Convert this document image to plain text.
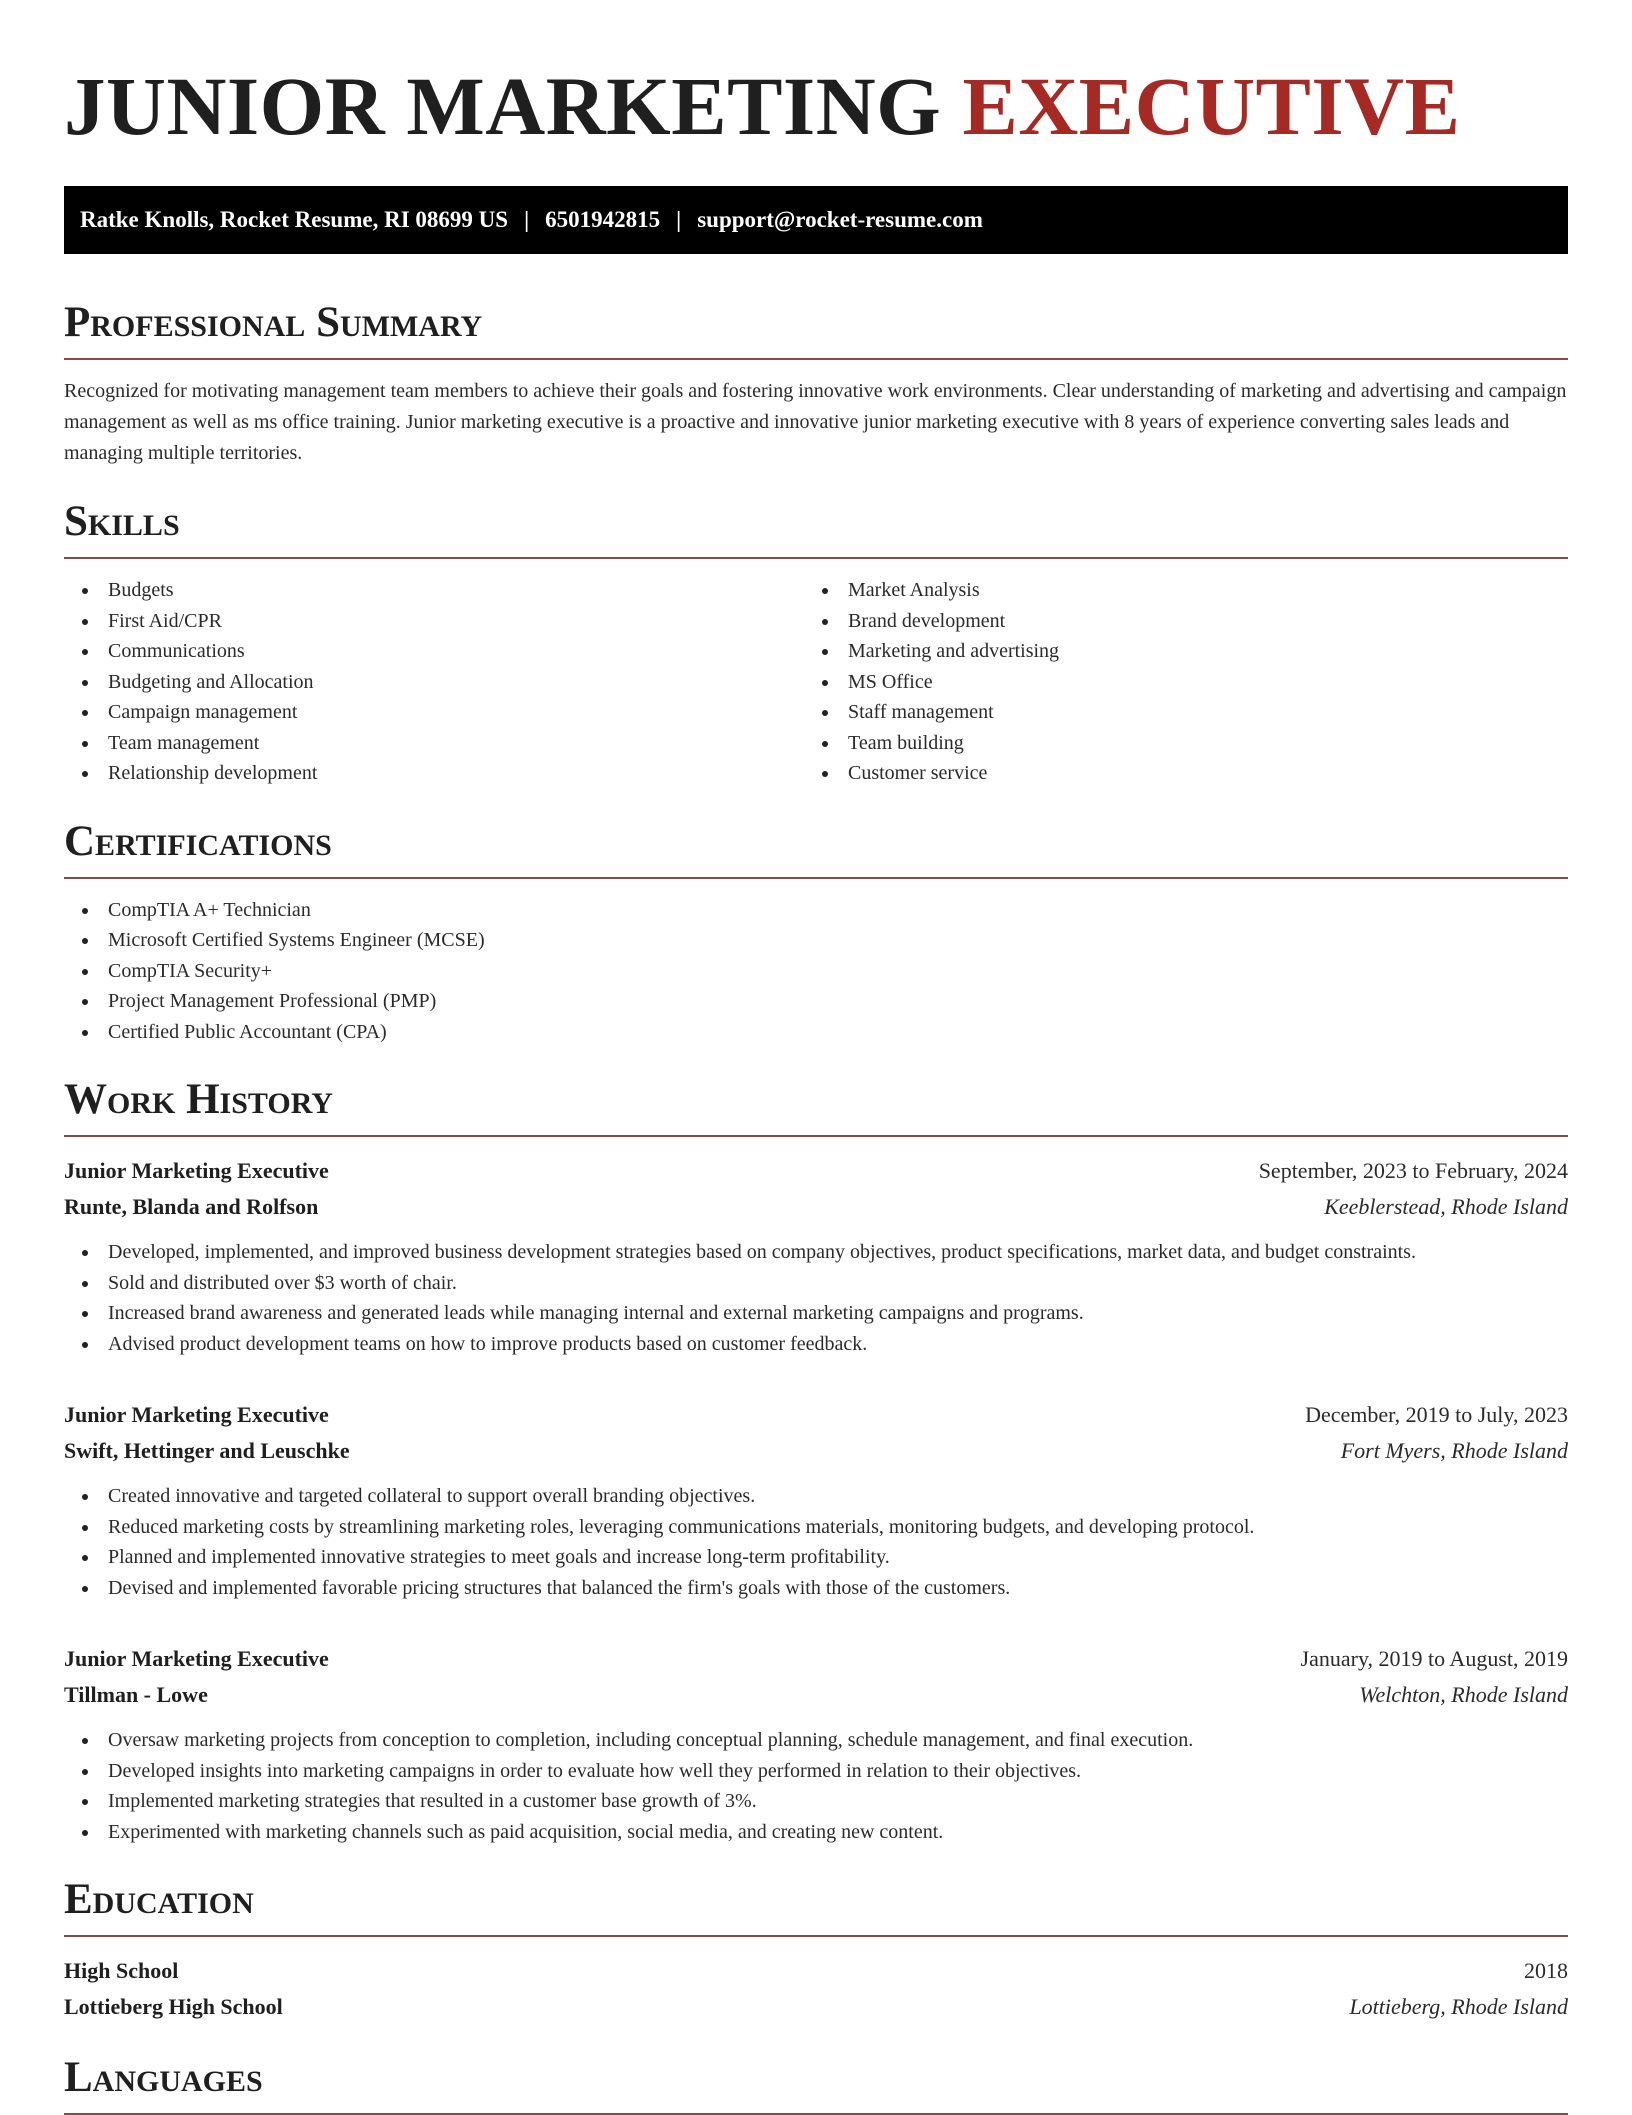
JUNIOR MARKETING EXECUTIVE
Ratke Knolls, Rocket Resume, RI 08699 US | 6501942815 | support@rocket-resume.com
Professional Summary

Recognized for motivating management team members to achieve their goals and fostering innovative work environments. Clear understanding of marketing and advertising and campaign management as well as ms office training. Junior marketing executive is a proactive and innovative junior marketing executive with 8 years of experience converting sales leads and managing multiple territories.

Skills
Budgets
First Aid/CPR
Communications
Budgeting and Allocation
Campaign management
Team management
Relationship development
Market Analysis
Brand development
Marketing and advertising
MS Office
Staff management
Team building
Customer service
Certifications
CompTIA A+ Technician
Microsoft Certified Systems Engineer (MCSE)
CompTIA Security+
Project Management Professional (PMP)
Certified Public Accountant (CPA)
Work History
Junior Marketing Executive	September, 2023 to February, 2024
Runte, Blanda and Rolfson	Keeblerstead, Rhode Island
Developed, implemented, and improved business development strategies based on company objectives, product specifications, market data, and budget constraints.
Sold and distributed over $3 worth of chair.
Increased brand awareness and generated leads while managing internal and external marketing campaigns and programs.
Advised product development teams on how to improve products based on customer feedback.
Junior Marketing Executive	December, 2019 to July, 2023
Swift, Hettinger and Leuschke	Fort Myers, Rhode Island
Created innovative and targeted collateral to support overall branding objectives.
Reduced marketing costs by streamlining marketing roles, leveraging communications materials, monitoring budgets, and developing protocol.
Planned and implemented innovative strategies to meet goals and increase long-term profitability.
Devised and implemented favorable pricing structures that balanced the firm's goals with those of the customers.
Junior Marketing Executive	January, 2019 to August, 2019
Tillman - Lowe	Welchton, Rhode Island
Oversaw marketing projects from conception to completion, including conceptual planning, schedule management, and final execution.
Developed insights into marketing campaigns in order to evaluate how well they performed in relation to their objectives.
Implemented marketing strategies that resulted in a customer base growth of 3%.
Experimented with marketing channels such as paid acquisition, social media, and creating new content.
Education
High School	2018
Lottieberg High School	Lottieberg, Rhode Island
Languages
